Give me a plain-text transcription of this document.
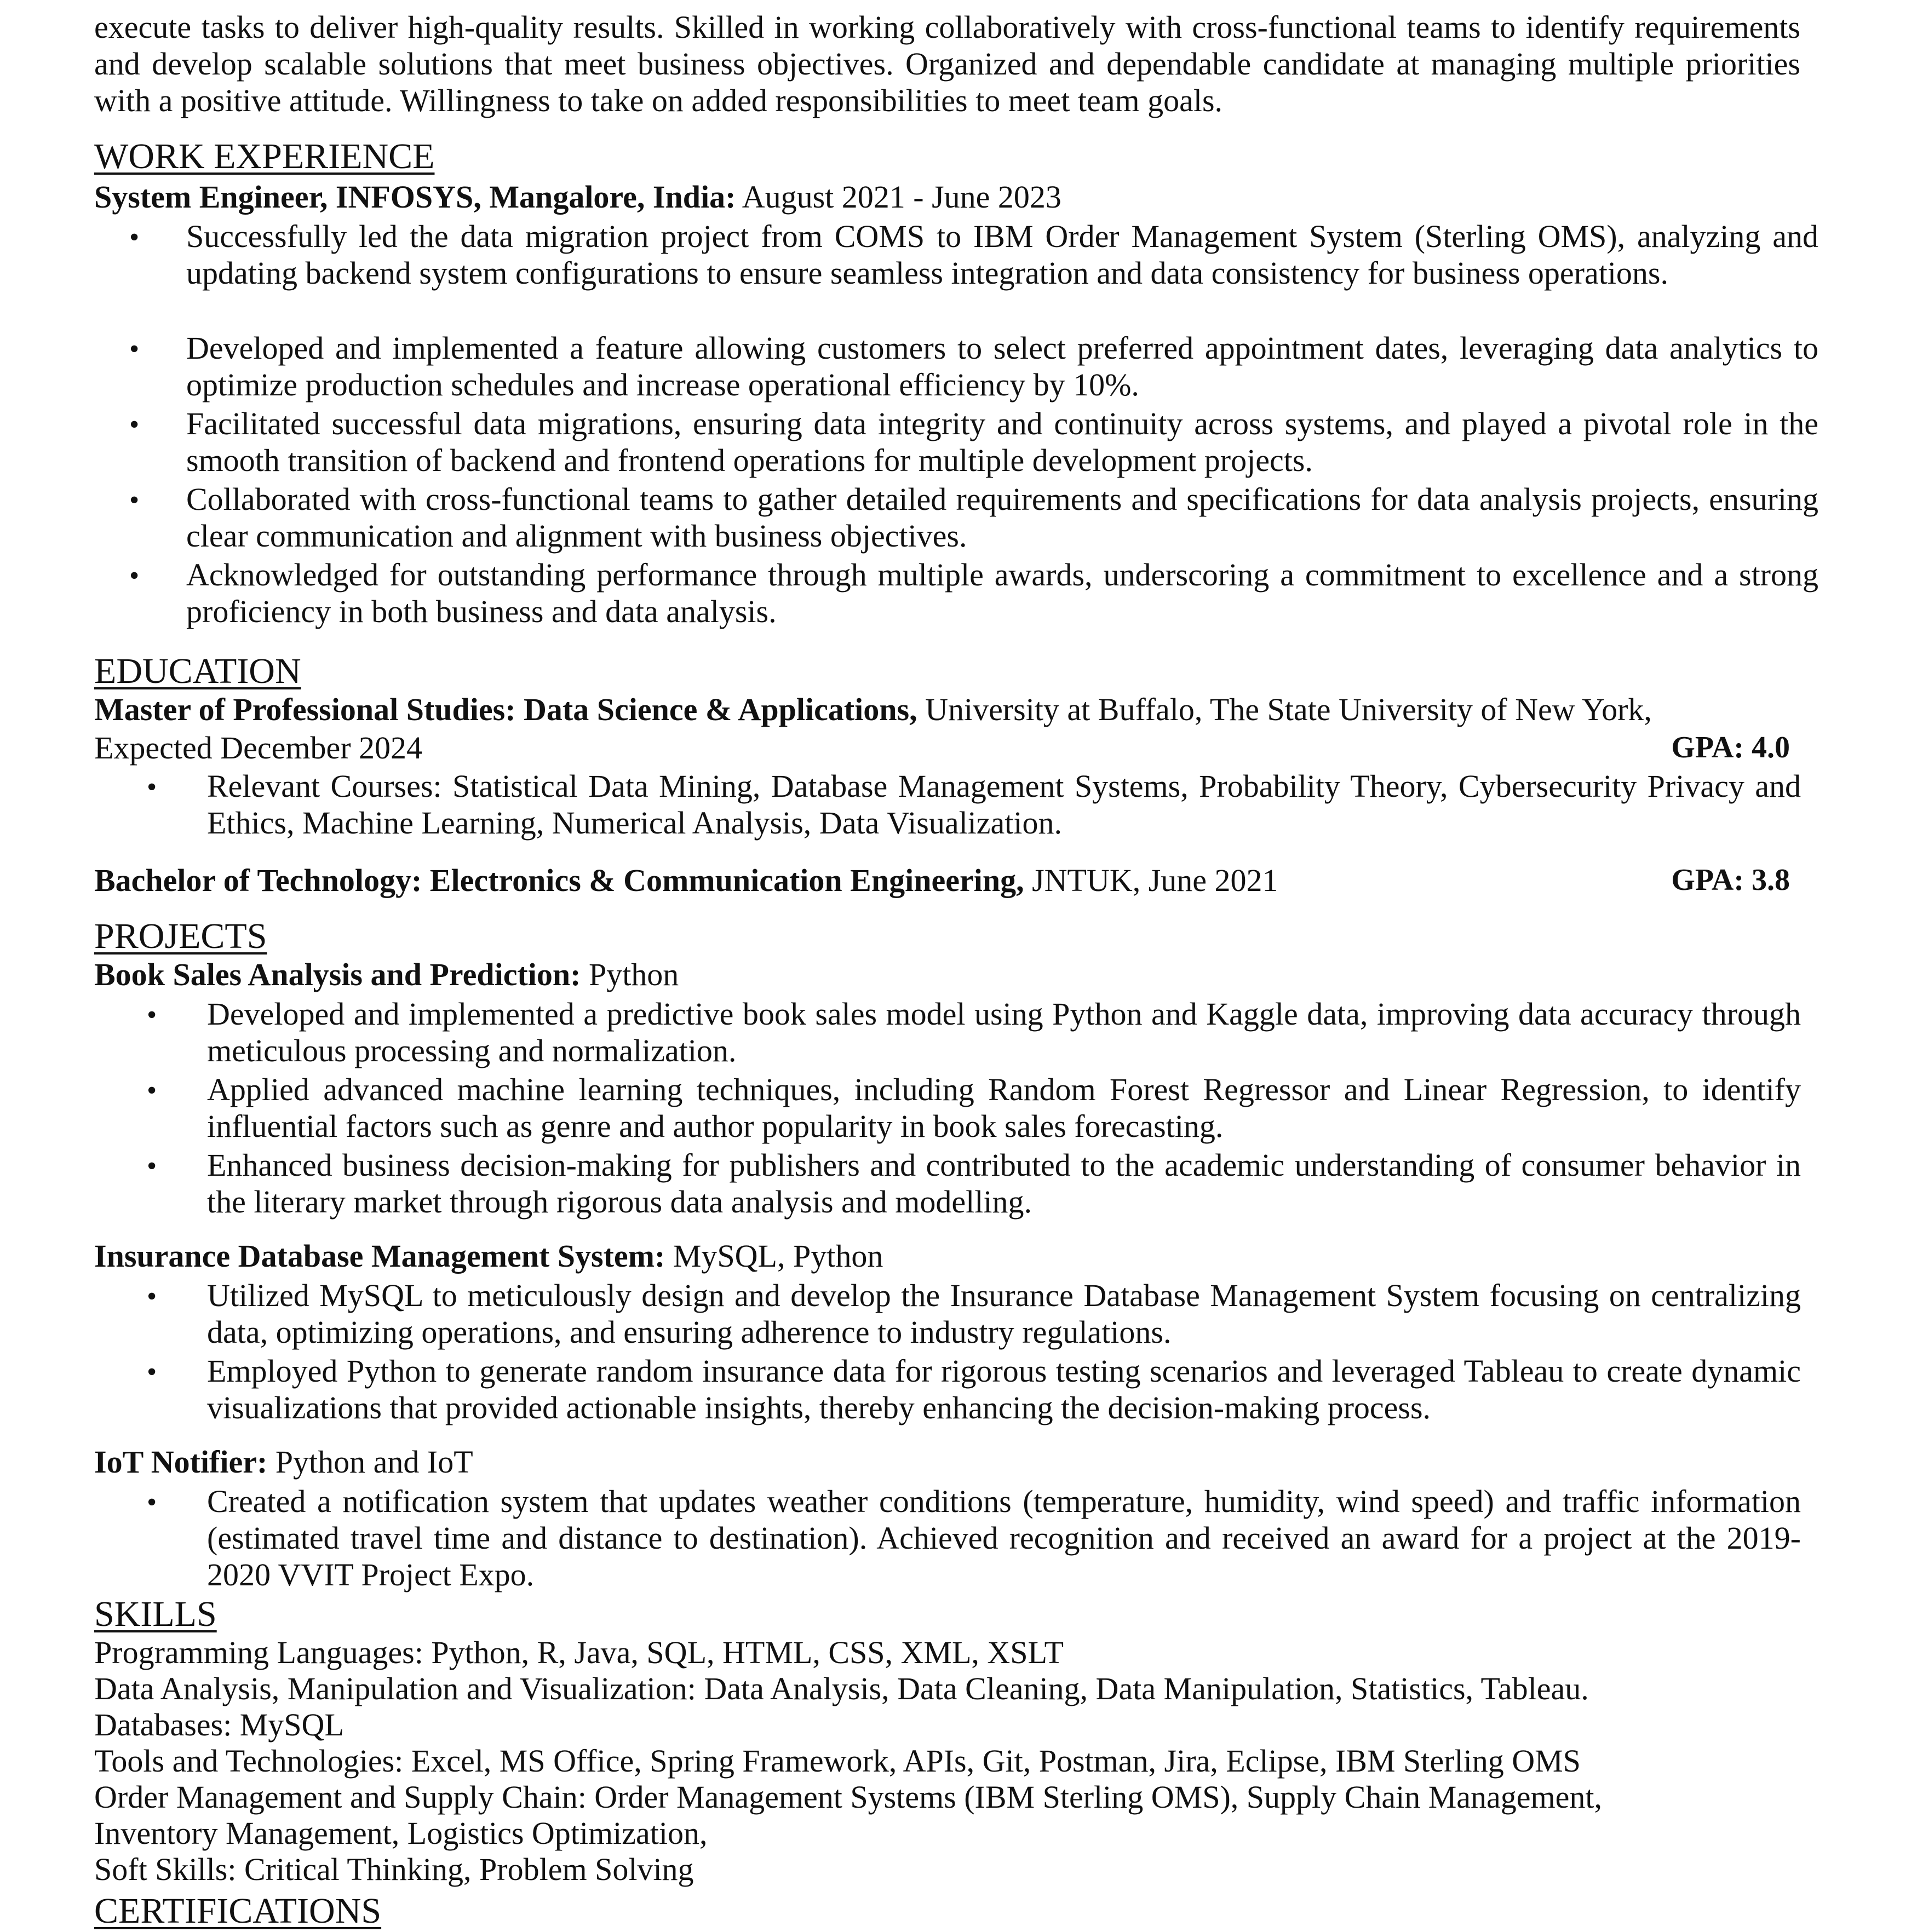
execute tasks to deliver high-quality results. Skilled in working collaboratively with cross-functional teams to identify requirements and develop scalable solutions that meet business objectives. Organized and dependable candidate at managing multiple priorities with a positive attitude. Willingness to take on added responsibilities to meet team goals.
WORK EXPERIENCE
System Engineer, INFOSYS, Mangalore, India: August 2021 - June 2023
• Successfully led the data migration project from COMS to IBM Order Management System (Sterling OMS), analyzing and updating backend system configurations to ensure seamless integration and data consistency for business operations.
• Developed and implemented a feature allowing customers to select preferred appointment dates, leveraging data analytics to optimize production schedules and increase operational efficiency by 10%.
• Facilitated successful data migrations, ensuring data integrity and continuity across systems, and played a pivotal role in the smooth transition of backend and frontend operations for multiple development projects.
• Collaborated with cross-functional teams to gather detailed requirements and specifications for data analysis projects, ensuring clear communication and alignment with business objectives.
• Acknowledged for outstanding performance through multiple awards, underscoring a commitment to excellence and a strong proficiency in both business and data analysis.
EDUCATION
Master of Professional Studies: Data Science & Applications, University at Buffalo, The State University of New York,
Expected December 2024	GPA: 4.0
• Relevant Courses: Statistical Data Mining, Database Management Systems, Probability Theory, Cybersecurity Privacy and Ethics, Machine Learning, Numerical Analysis, Data Visualization.
Bachelor of Technology: Electronics & Communication Engineering, JNTUK, June 2021	GPA: 3.8
PROJECTS
Book Sales Analysis and Prediction: Python
• Developed and implemented a predictive book sales model using Python and Kaggle data, improving data accuracy through meticulous processing and normalization.
• Applied advanced machine learning techniques, including Random Forest Regressor and Linear Regression, to identify influential factors such as genre and author popularity in book sales forecasting.
• Enhanced business decision-making for publishers and contributed to the academic understanding of consumer behavior in the literary market through rigorous data analysis and modelling.
Insurance Database Management System: MySQL, Python
• Utilized MySQL to meticulously design and develop the Insurance Database Management System focusing on centralizing data, optimizing operations, and ensuring adherence to industry regulations.
• Employed Python to generate random insurance data for rigorous testing scenarios and leveraged Tableau to create dynamic visualizations that provided actionable insights, thereby enhancing the decision-making process.
IoT Notifier: Python and IoT
• Created a notification system that updates weather conditions (temperature, humidity, wind speed) and traffic information (estimated travel time and distance to destination). Achieved recognition and received an award for a project at the 2019-2020 VVIT Project Expo.
SKILLS
Programming Languages: Python, R, Java, SQL, HTML, CSS, XML, XSLT
Data Analysis, Manipulation and Visualization: Data Analysis, Data Cleaning, Data Manipulation, Statistics, Tableau.
Databases: MySQL
Tools and Technologies: Excel, MS Office, Spring Framework, APIs, Git, Postman, Jira, Eclipse, IBM Sterling OMS
Order Management and Supply Chain: Order Management Systems (IBM Sterling OMS), Supply Chain Management,
Inventory Management, Logistics Optimization,
Soft Skills: Critical Thinking, Problem Solving
CERTIFICATIONS
